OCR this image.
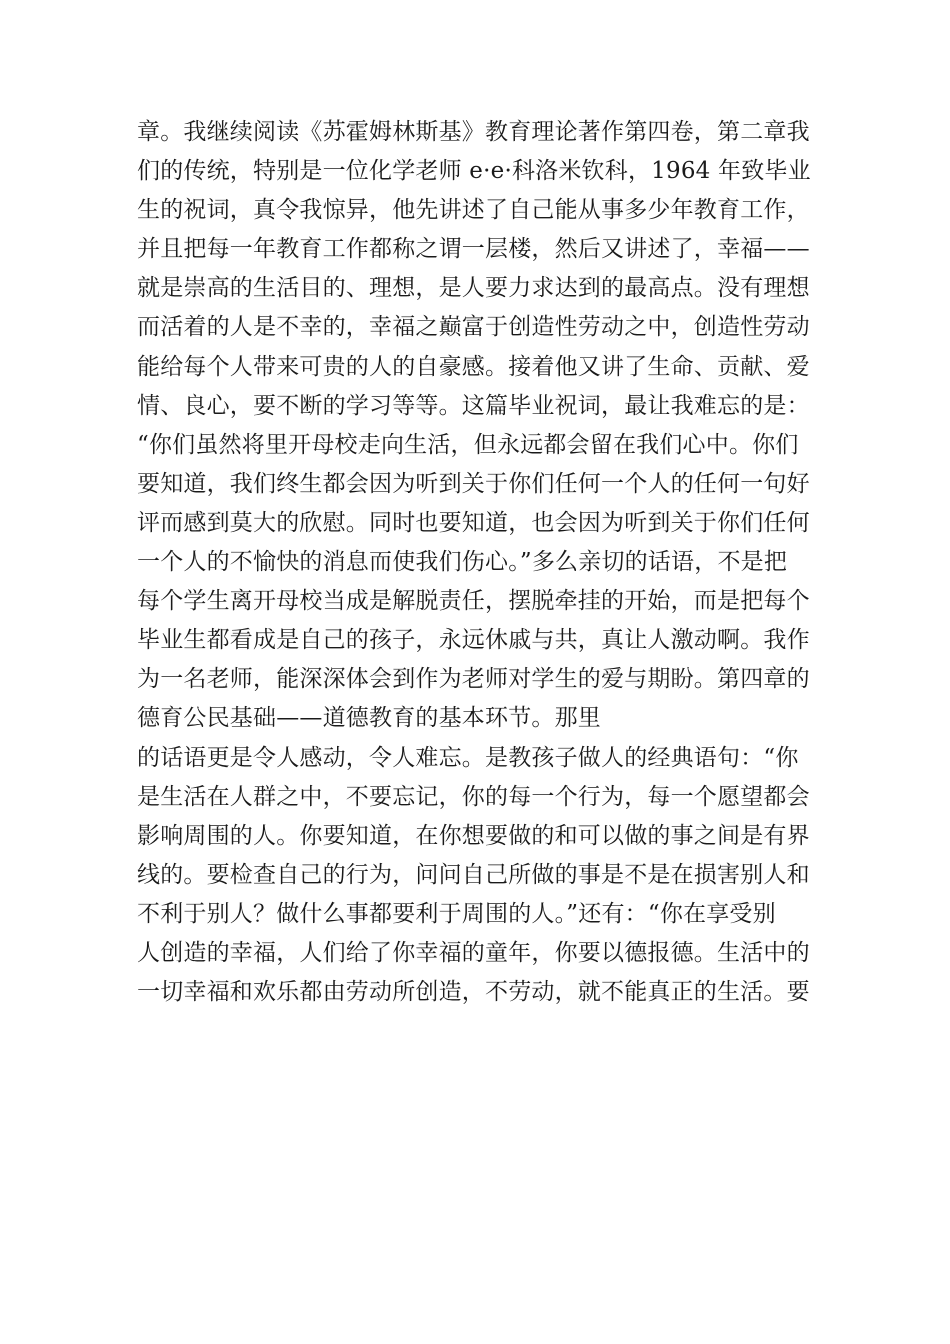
章。我继续阅读《苏霍姆林斯基》教育理论著作第四卷，第二章我
们的传统，特别是一位化学老师 e·e·科洛米钦科，1964 年致毕业
生的祝词，真令我惊异，他先讲述了自己能从事多少年教育工作，
并且把每一年教育工作都称之谓一层楼，然后又讲述了，幸福——
就是崇高的生活目的、理想，是人要力求达到的最高点。没有理想
而活着的人是不幸的，幸福之巅富于创造性劳动之中，创造性劳动
能给每个人带来可贵的人的自豪感。接着他又讲了生命、贡献、爱
情、良心，要不断的学习等等。这篇毕业祝词，最让我难忘的是：
“你们虽然将里开母校走向生活，但永远都会留在我们心中。你们
要知道，我们终生都会因为听到关于你们任何一个人的任何一句好
评而感到莫大的欣慰。同时也要知道，也会因为听到关于你们任何
一个人的不愉快的消息而使我们伤心。”多么亲切的话语，不是把
每个学生离开母校当成是解脱责任，摆脱牵挂的开始，而是把每个
毕业生都看成是自己的孩子，永远休戚与共，真让人激动啊。我作
为一名老师，能深深体会到作为老师对学生的爱与期盼。第四章的
德育公民基础——道德教育的基本环节。那里
的话语更是令人感动，令人难忘。是教孩子做人的经典语句：“你
是生活在人群之中，不要忘记，你的每一个行为，每一个愿望都会
影响周围的人。你要知道，在你想要做的和可以做的事之间是有界
线的。要检查自己的行为，问问自己所做的事是不是在损害别人和
不利于别人？做什么事都要利于周围的人。”还有：“你在享受别
人创造的幸福，人们给了你幸福的童年，你要以德报德。生活中的
一切幸福和欢乐都由劳动所创造，不劳动，就不能真正的生活。要
